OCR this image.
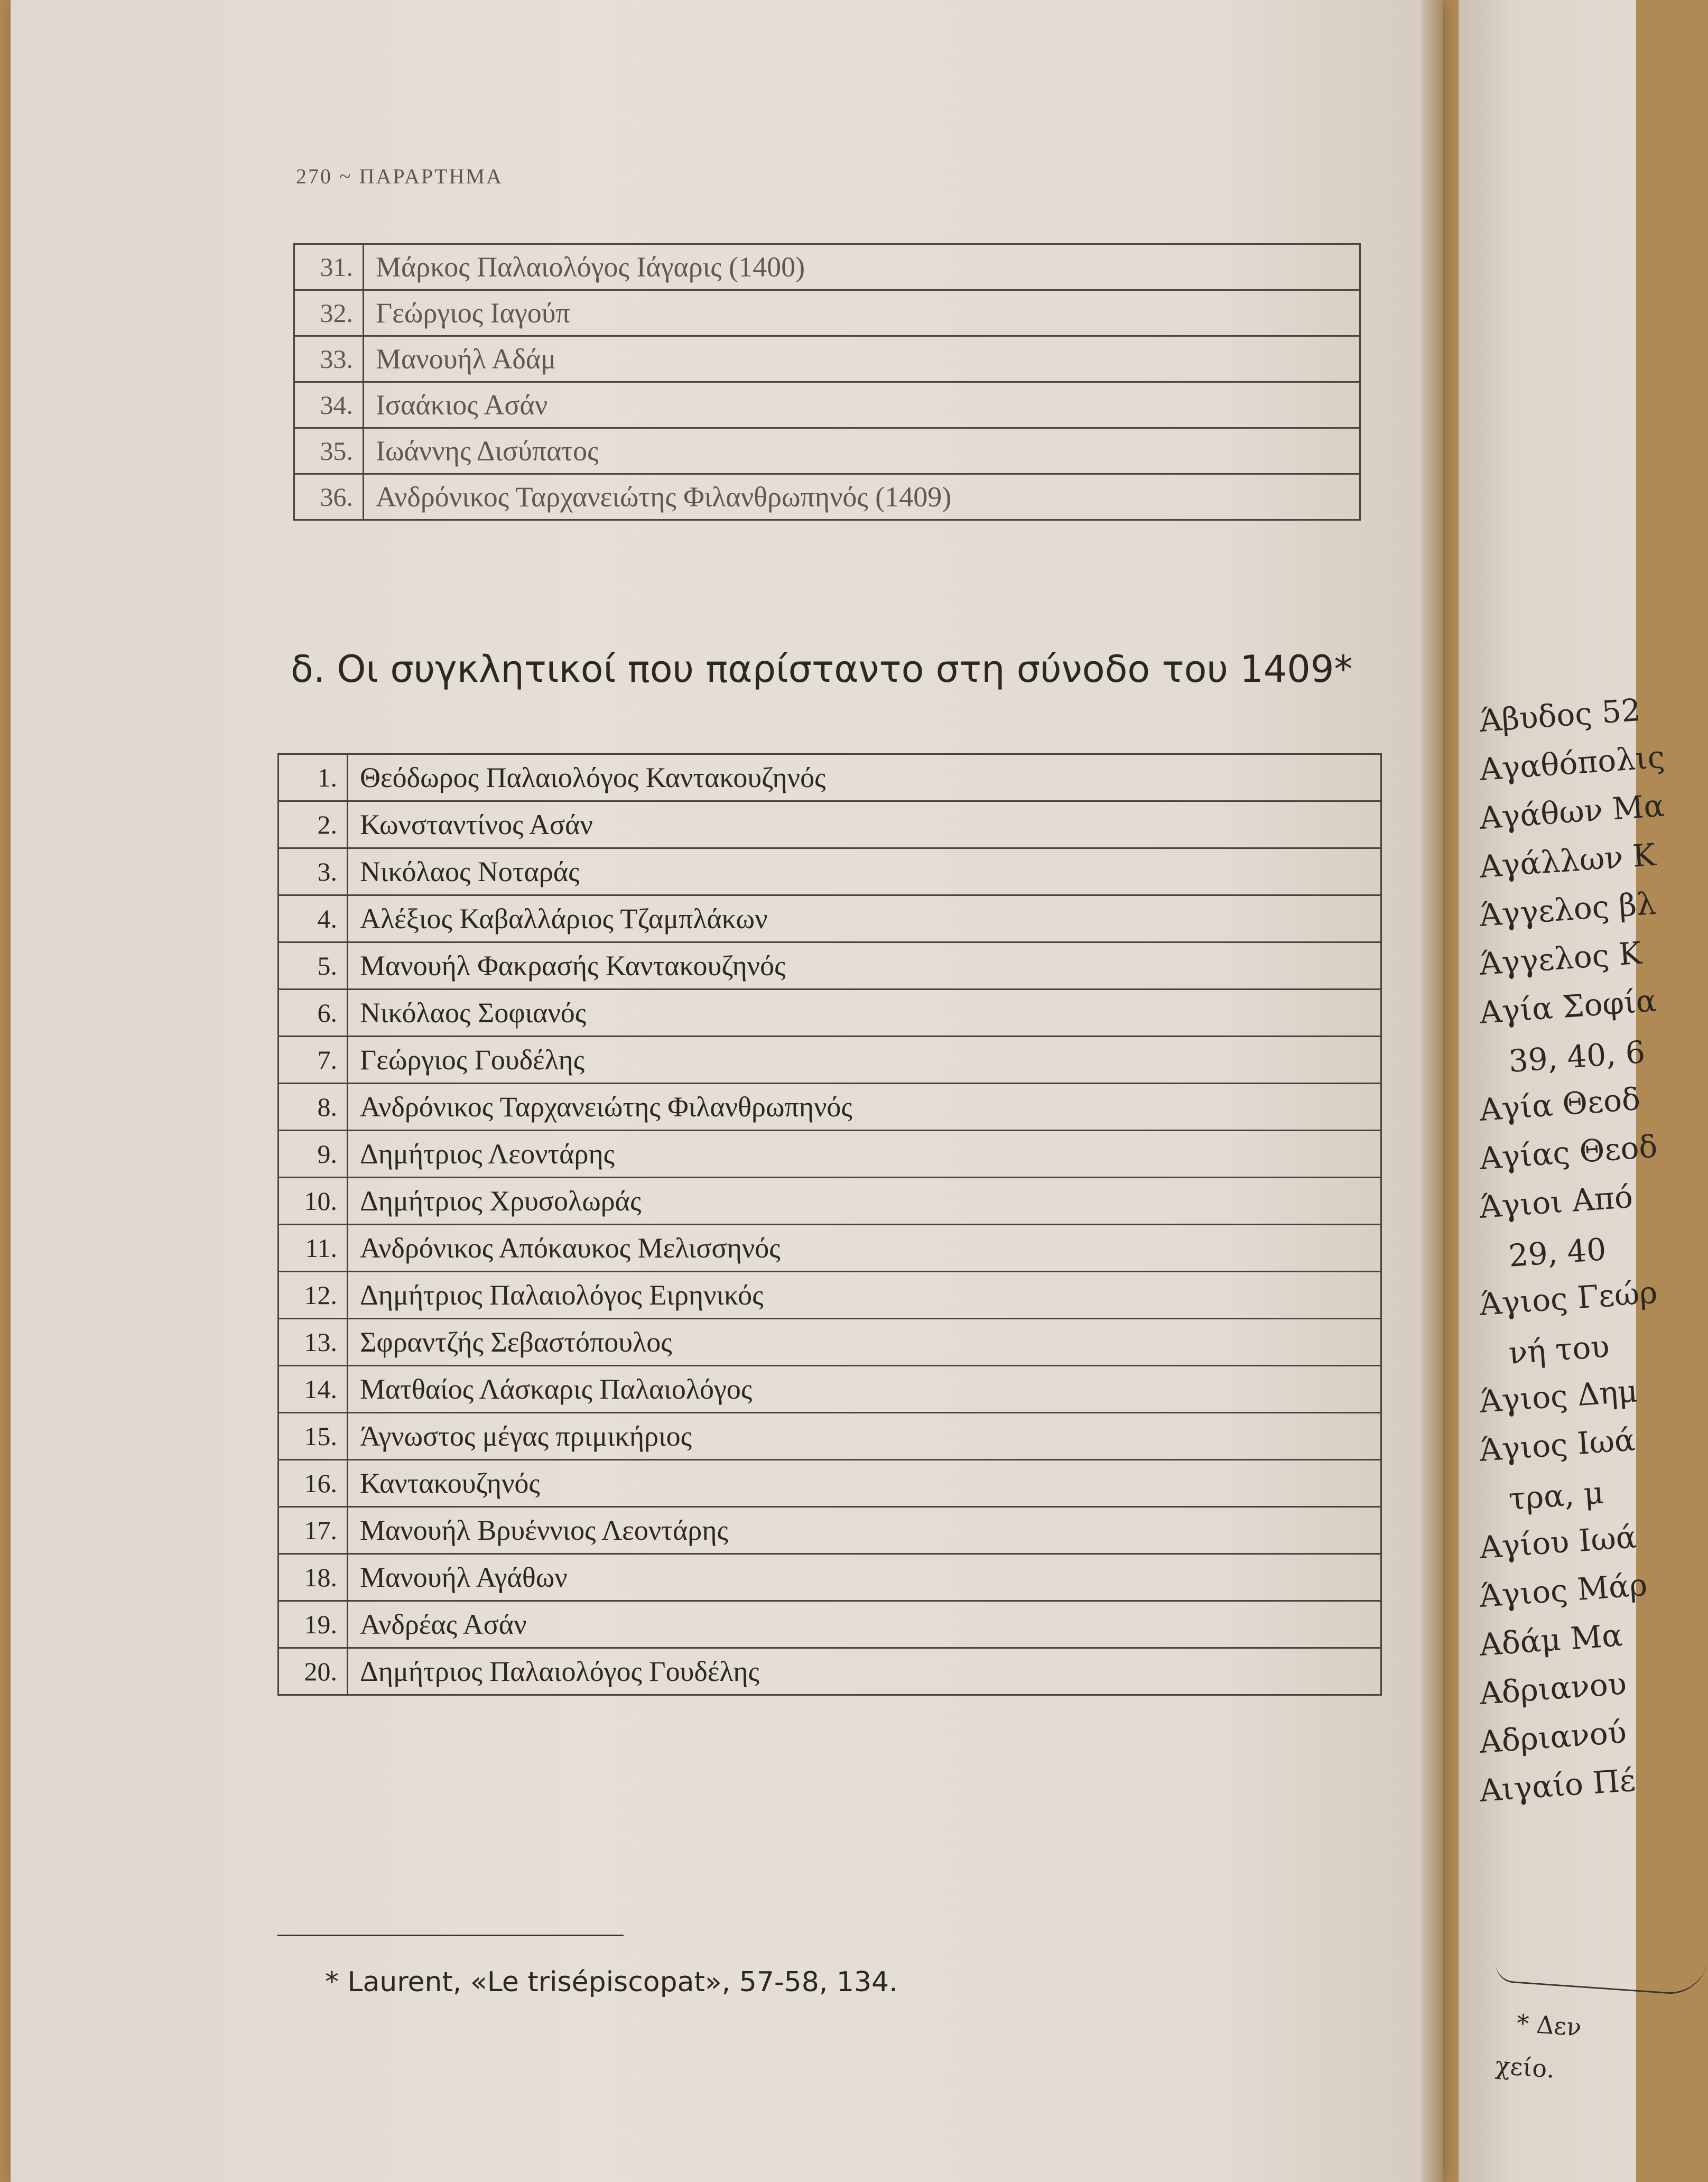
270 ~ ΠΑΡΑΡΤΗΜΑ
31.	Μάρκος Παλαιολόγος Ιάγαρις (1400)
32.	Γεώργιος Ιαγούπ
33.	Μανουήλ Αδάμ
34.	Ισαάκιος Ασάν
35.	Ιωάννης Δισύπατος
36.	Ανδρόνικος Ταρχανειώτης Φιλανθρωπηνός (1409)
δ. Οι συγκλητικοί που παρίσταντο στη σύνοδο του 1409*
1.	Θεόδωρος Παλαιολόγος Καντακουζηνός
2.	Κωνσταντίνος Ασάν
3.	Νικόλαος Νοταράς
4.	Αλέξιος Καβαλλάριος Τζαμπλάκων
5.	Μανουήλ Φακρασής Καντακουζηνός
6.	Νικόλαος Σοφιανός
7.	Γεώργιος Γουδέλης
8.	Ανδρόνικος Ταρχανειώτης Φιλανθρωπηνός
9.	Δημήτριος Λεοντάρης
10.	Δημήτριος Χρυσολωράς
11.	Ανδρόνικος Απόκαυκος Μελισσηνός
12.	Δημήτριος Παλαιολόγος Ειρηνικός
13.	Σφραντζής Σεβαστόπουλος
14.	Ματθαίος Λάσκαρις Παλαιολόγος
15.	Άγνωστος μέγας πριμικήριος
16.	Καντακουζηνός
17.	Μανουήλ Βρυέννιος Λεοντάρης
18.	Μανουήλ Αγάθων
19.	Ανδρέας Ασάν
20.	Δημήτριος Παλαιολόγος Γουδέλης
* Laurent, «Le trisépiscopat», 57-58, 134.
Άβυδος 52
Αγαθόπολις
Αγάθων Μα
Αγάλλων Κ
Άγγελος βλ
Άγγελος Κ
Αγία Σοφία
39, 40, 6
Αγία Θεοδ
Αγίας Θεοδ
Άγιοι Από
29, 40
Άγιος Γεώρ
νή του
Άγιος Δημ
Άγιος Ιωά
τρα, μ
Αγίου Ιωά
Άγιος Μάρ
Αδάμ Μα
Αδριανου
Αδριανού
Αιγαίο Πέ
* Δεν
χείο.
